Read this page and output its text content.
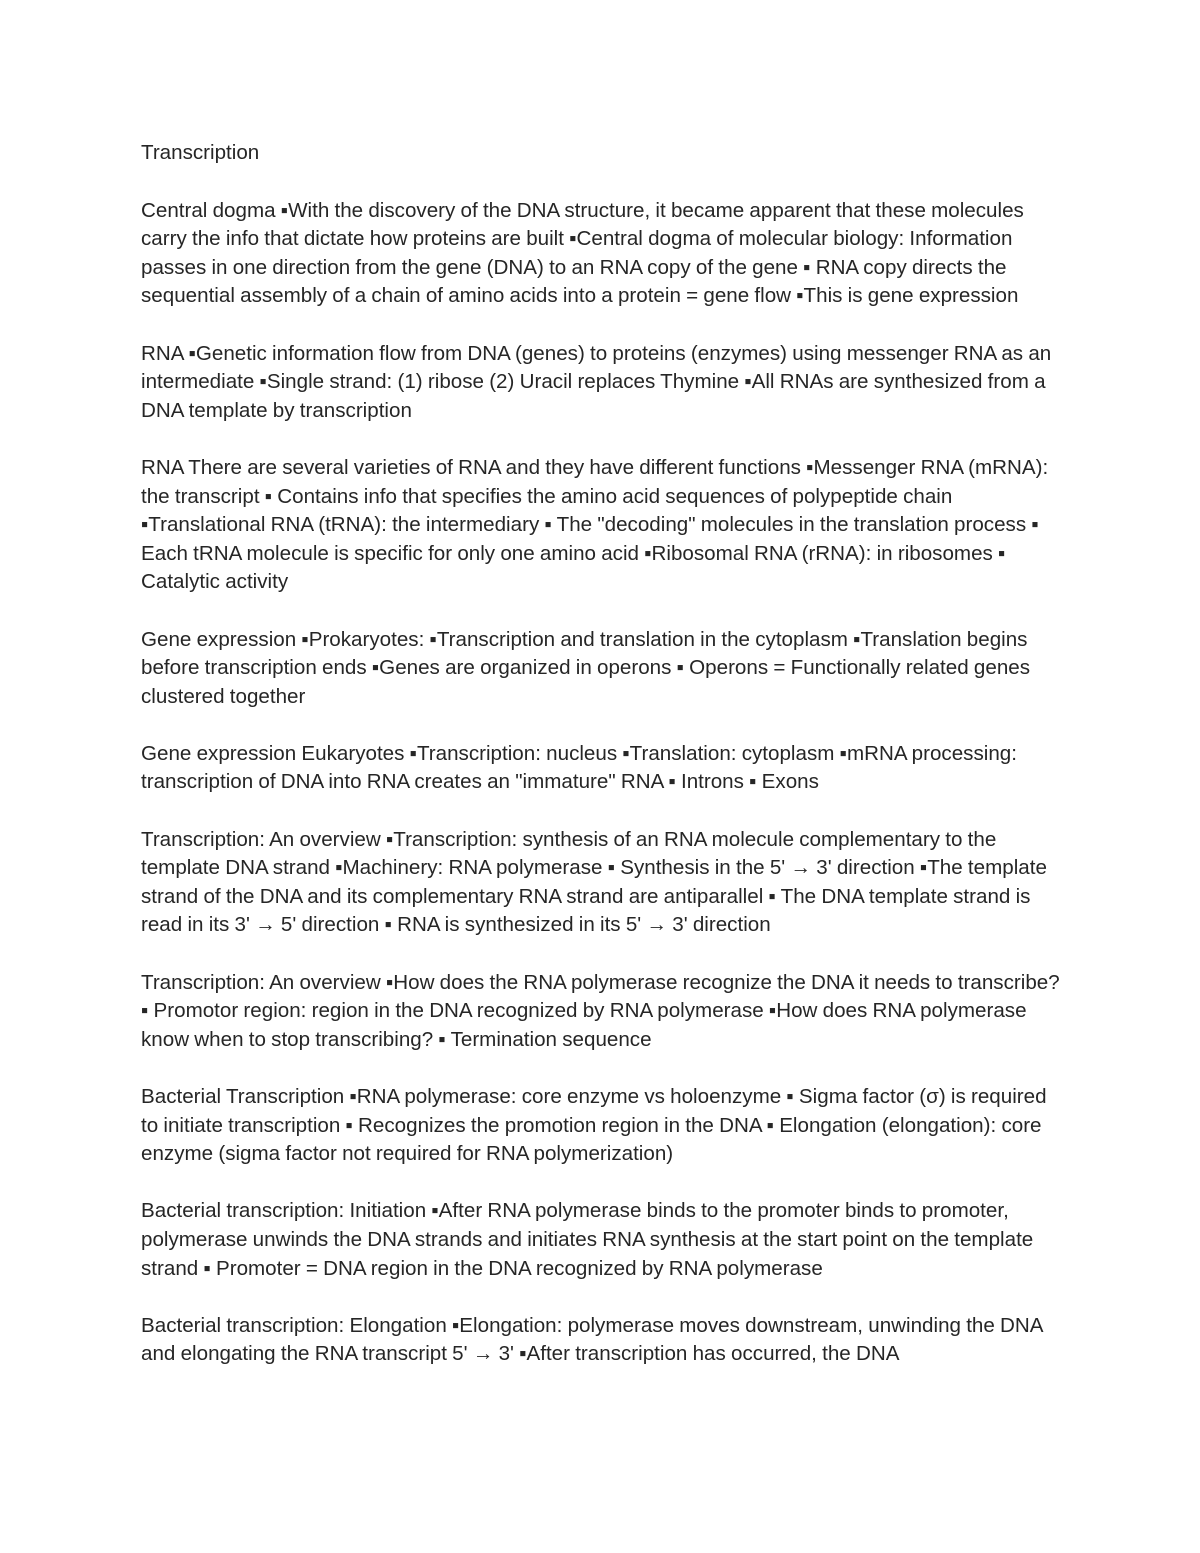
Transcription

Central dogma ▪With the discovery of the DNA structure, it became apparent that these molecules carry the info that dictate how proteins are built ▪Central dogma of molecular biology: Information passes in one direction from the gene (DNA) to an RNA copy of the gene ▪ RNA copy directs the sequential assembly of a chain of amino acids into a protein = gene flow ▪This is gene expression

RNA ▪Genetic information flow from DNA (genes) to proteins (enzymes) using messenger RNA as an intermediate ▪Single strand: (1) ribose (2) Uracil replaces Thymine ▪All RNAs are synthesized from a DNA template by transcription

RNA There are several varieties of RNA and they have different functions ▪Messenger RNA (mRNA): the transcript ▪ Contains info that specifies the amino acid sequences of polypeptide chain ▪Translational RNA (tRNA): the intermediary ▪ The "decoding" molecules in the translation process ▪ Each tRNA molecule is specific for only one amino acid ▪Ribosomal RNA (rRNA): in ribosomes ▪ Catalytic activity

Gene expression ▪Prokaryotes: ▪Transcription and translation in the cytoplasm ▪Translation begins before transcription ends ▪Genes are organized in operons ▪ Operons = Functionally related genes clustered together

Gene expression Eukaryotes ▪Transcription: nucleus ▪Translation: cytoplasm ▪mRNA processing: transcription of DNA into RNA creates an "immature" RNA ▪ Introns ▪ Exons

Transcription: An overview ▪Transcription: synthesis of an RNA molecule complementary to the template DNA strand ▪Machinery: RNA polymerase ▪ Synthesis in the 5' → 3' direction ▪The template strand of the DNA and its complementary RNA strand are antiparallel ▪ The DNA template strand is read in its 3' → 5' direction ▪ RNA is synthesized in its 5' → 3' direction

Transcription: An overview ▪How does the RNA polymerase recognize the DNA it needs to transcribe? ▪ Promotor region: region in the DNA recognized by RNA polymerase ▪How does RNA polymerase know when to stop transcribing? ▪ Termination sequence

Bacterial Transcription ▪RNA polymerase: core enzyme vs holoenzyme ▪ Sigma factor (σ) is required to initiate transcription ▪ Recognizes the promotion region in the DNA ▪ Elongation (elongation): core enzyme (sigma factor not required for RNA polymerization)

Bacterial transcription: Initiation ▪After RNA polymerase binds to the promoter binds to promoter, polymerase unwinds the DNA strands and initiates RNA synthesis at the start point on the template strand ▪ Promoter = DNA region in the DNA recognized by RNA polymerase

Bacterial transcription: Elongation ▪Elongation: polymerase moves downstream, unwinding the DNA and elongating the RNA transcript 5' → 3' ▪After transcription has occurred, the DNA
